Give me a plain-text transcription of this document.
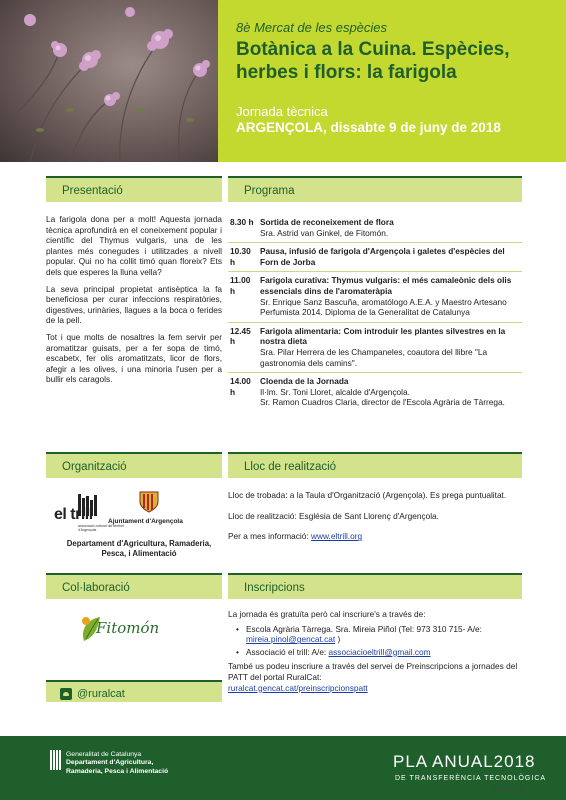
8è Mercat de les espècies
Botànica a la Cuina. Espècies,
herbes i flors: la farigola
Jornada tècnica
ARGENÇOLA, dissabte 9 de juny de 2018
Presentació

La farigola dona per a molt! Aquesta jornada tècnica aprofundirà en el coneixement popular i científic del Thymus vulgaris, una de les plantes més conegudes i utilitzades a nivell popular. Qui no ha collit timó quan floreix? Ets dels que esperes la lluna vella?

La seva principal propietat antisèptica la fa beneficiosa per curar infeccions respiratòries, digestives, urinàries, llagues a la boca o ferides de la pell.

Tot i que molts de nosaltres la fem servir per aromatitzar guisats, per a fer sopa de timó, escabetx, fer olis aromatitzats, licor de flors, afegir a les olives, i una minoria l'usen per a bullir els caragols.

Programa
8.30 h Sortida de reconeixement de flora
Sra. Astrid van Ginkel, de Fitomón.
10.30 h
Pausa, infusió de farigola d'Argençola i galetes d'espècies del Forn de Jorba
11.00 h
Farigola curativa: Thymus vulgaris: el més camaleònic dels olis essencials dins de l'aromateràpia
Sr. Enrique Sanz Bascuña, aromatólogo A.E.A. y Maestro Artesano Perfumista 2014. Diploma de la Generalitat de Catalunya
12.45 h
Farigola alimentaria: Com introduir les plantes silvestres en la nostra dieta
Sra. Pilar Herrera de les Champaneles, coautora del llibre "La gastronomia dels camins".
14.00 h
Cloenda de la Jornada
Il·lm. Sr. Toni Lloret, alcalde d'Argençola.
Sr. Ramon Cuadros Claria, director de l'Escola Agrària de Tàrrega.
Organització
el trill
associació cultural del territori d'Argençola
Ajuntament d'Argençola
Departament d'Agricultura, Ramaderia, Pesca, i Alimentació
Lloc de realització

Lloc de trobada: a la Taula d'Organització (Argençola). Es prega puntualitat.

Lloc de realització: Església de Sant Llorenç d'Argençola.

Per a mes informació: www.eltrill.org

Col·laboració
Fitomón
Inscripcions

La jornada és gratuïta però cal inscriure's a través de:

• Escola Agrària Tàrrega. Sra. Mireia Piñol (Tel: 973 310 715- A/e: mireia.pinol@gencat.cat )
• Associació el trill: A/e: associacioeltrill@gmail.com

També us podeu inscriure a través del servei de Preinscripcions a jornades del PATT del portal RuralCat:

ruralcat.gencat.cat/preinscripcionspatt

@ruralcat
Generalitat de Catalunya
Departament d'Agricultura,
Ramaderia, Pesca i Alimentació
PLA ANUAL2018
DE TRANSFERÈNCIA TECNOLÒGICA
180687 / 3,00
